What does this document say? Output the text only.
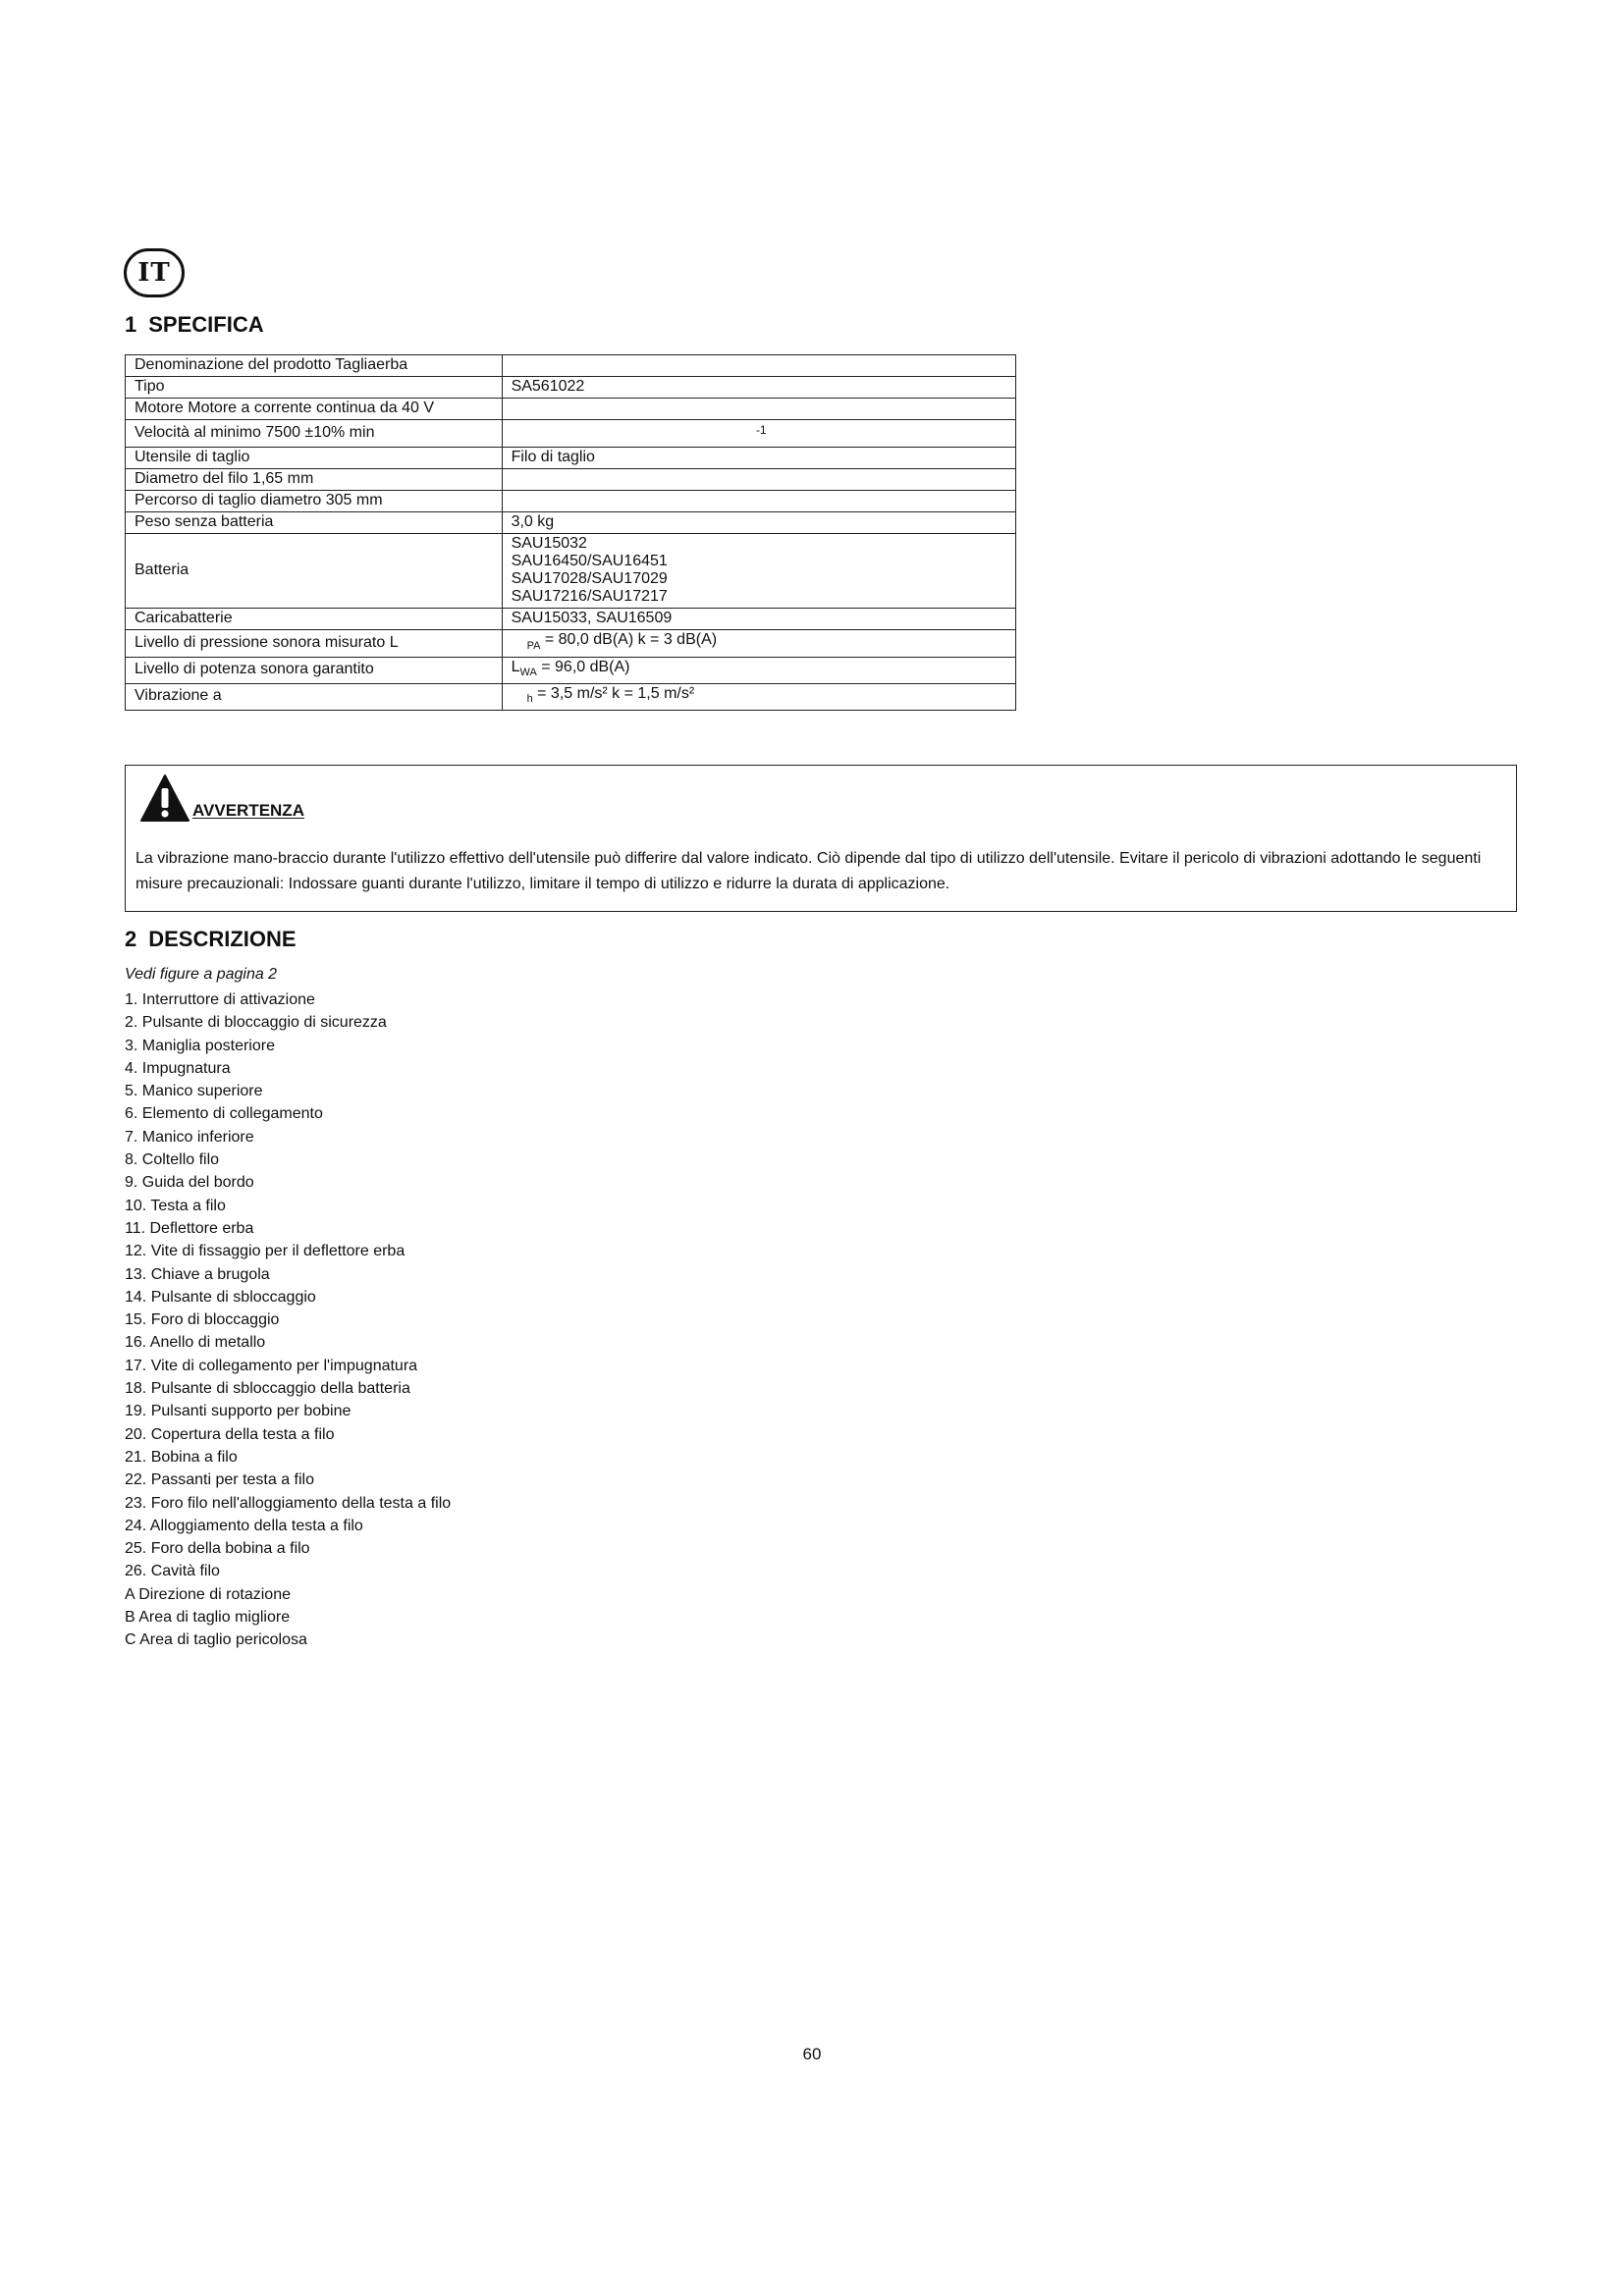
IT
1 SPECIFICA
Denominazione del prodotto Tagliaerba	
Tipo	SA561022
Motore Motore a corrente continua da 40 V	
Velocità al minimo 7500 ±10% min	$^{-1}$
Utensile di taglio	Filo di taglio
Diametro del filo 1,65 mm	
Percorso di taglio diametro 305 mm	
Peso senza batteria	3,0 kg
Batteria	SAU15032
SAU16450/SAU16451
SAU17028/SAU17029
SAU17216/SAU17217

Caricabatterie	SAU15033, SAU16509
Livello di pressione sonora misurato L	$_{PA}$ = 80,0 dB(A) k = 3 dB(A)
Livello di potenza sonora garantito	$L_{WA} = 96,0$ dB(A)
Vibrazione a	$_h$ = 3,5 m/s² k = 1,5 m/s²
AVVERTENZA

La vibrazione mano-braccio durante l'utilizzo effettivo dell'utensile può differire dal valore indicato. Ciò dipende dal tipo di utilizzo dell'utensile. Evitare il pericolo di vibrazioni adottando le seguenti misure precauzionali: Indossare guanti durante l'utilizzo, limitare il tempo di utilizzo e ridurre la durata di applicazione.

2 DESCRIZIONE

Vedi figure a pagina 2

1. Interruttore di attivazione
2. Pulsante di bloccaggio di sicurezza
3. Maniglia posteriore
4. Impugnatura
5. Manico superiore
6. Elemento di collegamento
7. Manico inferiore
8. Coltello filo
9. Guida del bordo
10. Testa a filo
11. Deflettore erba
12. Vite di fissaggio per il deflettore erba
13. Chiave a brugola
14. Pulsante di sbloccaggio
15. Foro di bloccaggio
16. Anello di metallo
17. Vite di collegamento per l'impugnatura
18. Pulsante di sbloccaggio della batteria
19. Pulsanti supporto per bobine
20. Copertura della testa a filo
21. Bobina a filo
22. Passanti per testa a filo
23. Foro filo nell'alloggiamento della testa a filo
24. Alloggiamento della testa a filo
25. Foro della bobina a filo
26. Cavità filo
A Direzione di rotazione
B Area di taglio migliore
C Area di taglio pericolosa

60
